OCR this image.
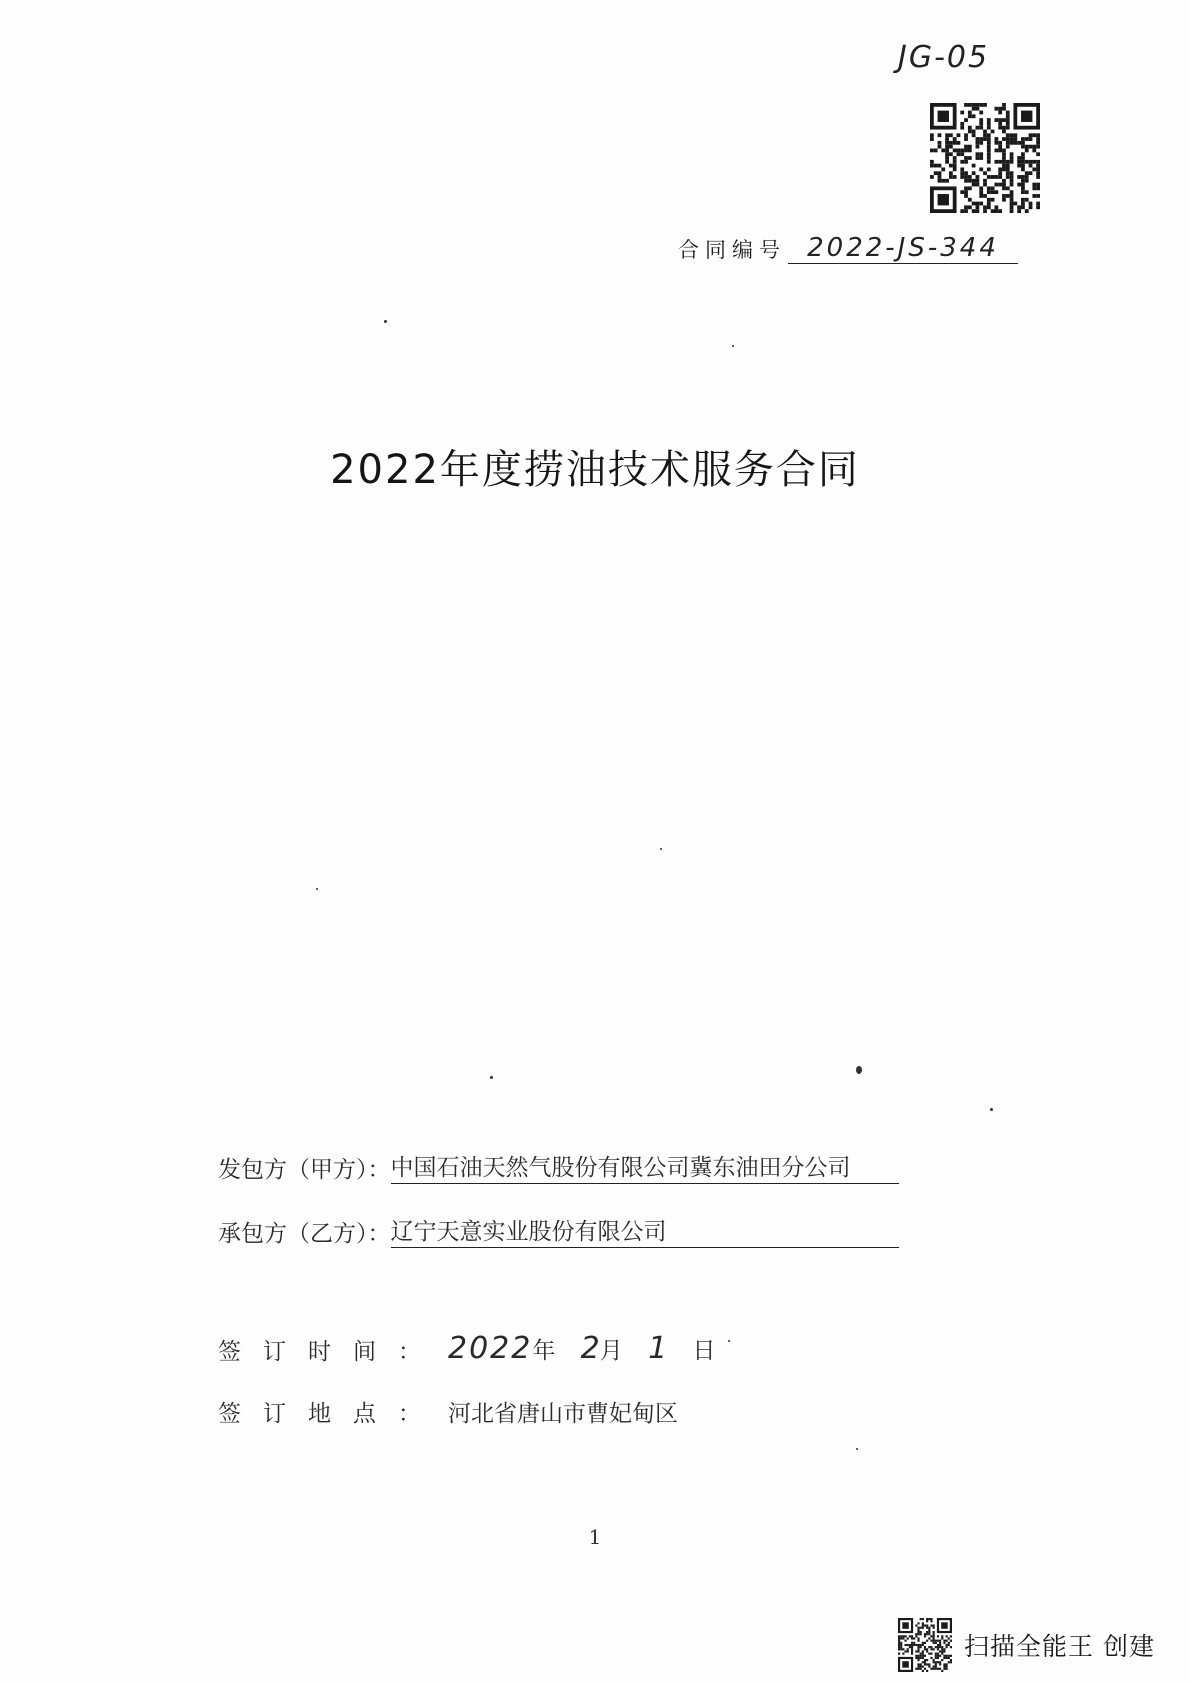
JG-05
合同编号 2022-JS-344
2022年度捞油技术服务合同
发包方（甲方）： 中国石油天然气股份有限公司冀东油田分公司
承包方（乙方）： 辽宁天意实业股份有限公司
签订时间： 2022年 2月 1 日
签订地点： 河北省唐山市曹妃甸区
1
扫描全能王 创建
